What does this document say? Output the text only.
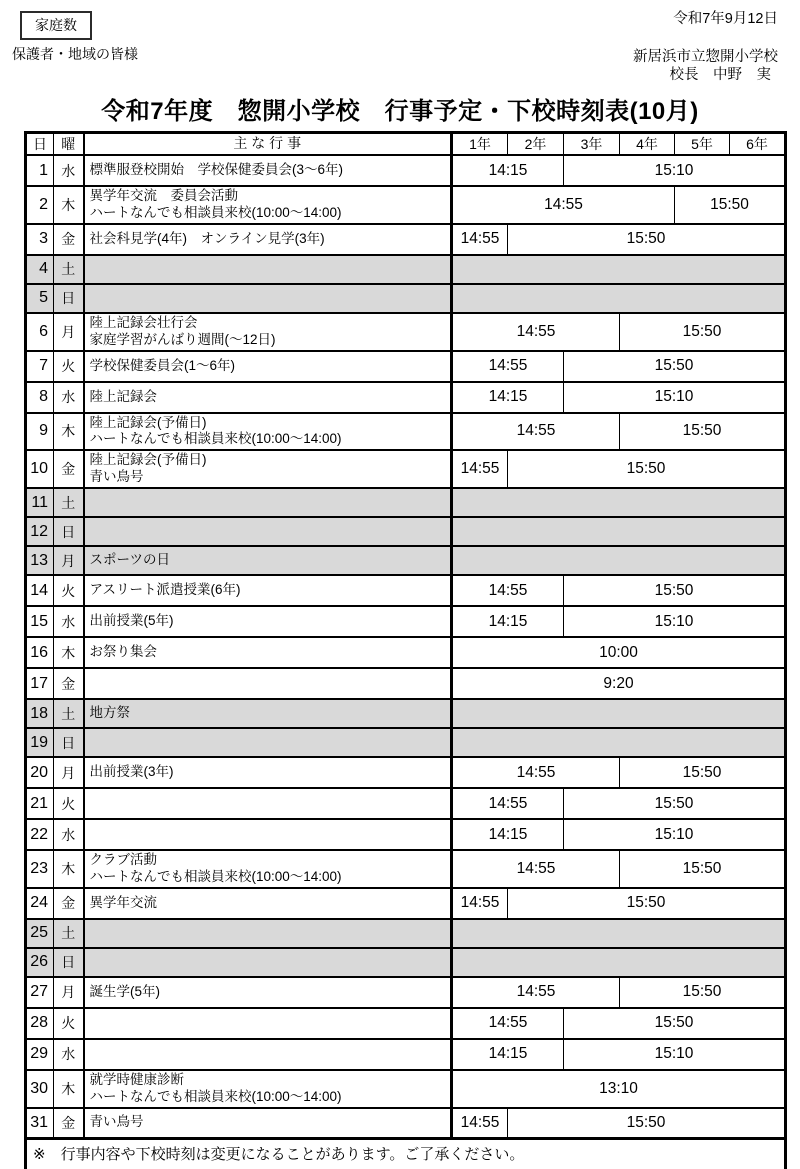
家庭数
保護者・地域の皆様
令和7年9月12日
新居浜市立惣開小学校
校長　中野　実
令和7年度　惣開小学校　行事予定・下校時刻表(10月)
日	曜	主 な 行 事	1年	2年	3年	4年	5年	6年
1	水	標準服登校開始　学校保健委員会(3〜6年)	14:15		15:10			
2	木	異学年交流　委員会活動
ハートなんでも相談員来校(10:00〜14:00)	14:55				15:50	
3	金	社会科見学(4年)　オンライン見学(3年)	14:55	15:50				
4	土							
5	日							
6	月	陸上記録会壮行会
家庭学習がんばり週間(〜12日)	14:55			15:50		
7	火	学校保健委員会(1〜6年)	14:55		15:50			
8	水	陸上記録会	14:15		15:10			
9	木	陸上記録会(予備日)
ハートなんでも相談員来校(10:00〜14:00)	14:55			15:50		
10	金	陸上記録会(予備日)
青い鳥号	14:55	15:50				
11	土							
12	日							
13	月	スポーツの日						

14	火	アスリート派遣授業(6年)	14:55		15:50			
15	水	出前授業(5年)	14:15		15:10			
16	木	お祭り集会	10:00					
17	金		9:20					
18	土	地方祭						

19	日							
20	月	出前授業(3年)	14:55			15:50		
21	火		14:55		15:50			
22	水		14:15		15:10			
23	木	クラブ活動
ハートなんでも相談員来校(10:00〜14:00)	14:55			15:50		
24	金	異学年交流	14:55	15:50				
25	土							
26	日							
27	月	誕生学(5年)	14:55			15:50		
28	火		14:55		15:50			
29	水		14:15		15:10			
30	木	就学時健康診断
ハートなんでも相談員来校(10:00〜14:00)	13:10					
31	金	青い鳥号	14:55	15:50				
※　行事内容や下校時刻は変更になることがあります。ご了承ください。								
